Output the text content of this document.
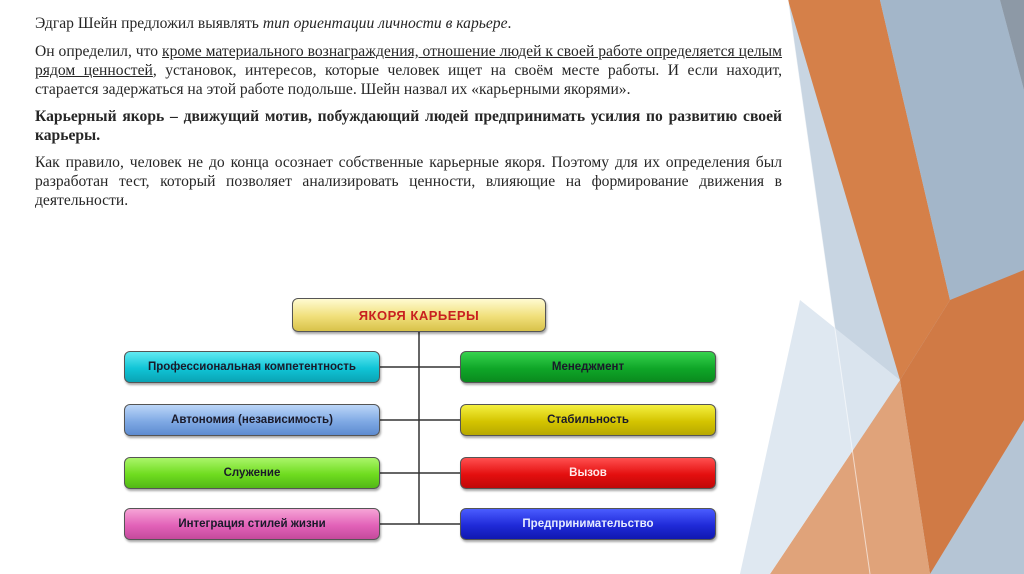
Эдгар Шейн предложил выявлять тип ориентации личности в карьере.

Он определил, что кроме материального вознаграждения, отношение людей к своей работе определяется целым рядом ценностей, установок, интересов, которые человек ищет на своём месте работы. И если находит, старается задержаться на этой работе подольше. Шейн назвал их «карьерными якорями».

Карьерный якорь – движущий мотив, побуждающий людей предпринимать усилия по развитию своей карьеры.

Как правило, человек не до конца осознает собственные карьерные якоря. Поэтому для их определения был разработан тест, который позволяет анализировать ценности, влияющие на формирование движения в деятельности.

ЯКОРЯ КАРЬЕРЫ
Профессиональная компетентность
Автономия (независимость)
Служение
Интеграция стилей жизни
Менеджмент
Стабильность
Вызов
Предпринимательство
